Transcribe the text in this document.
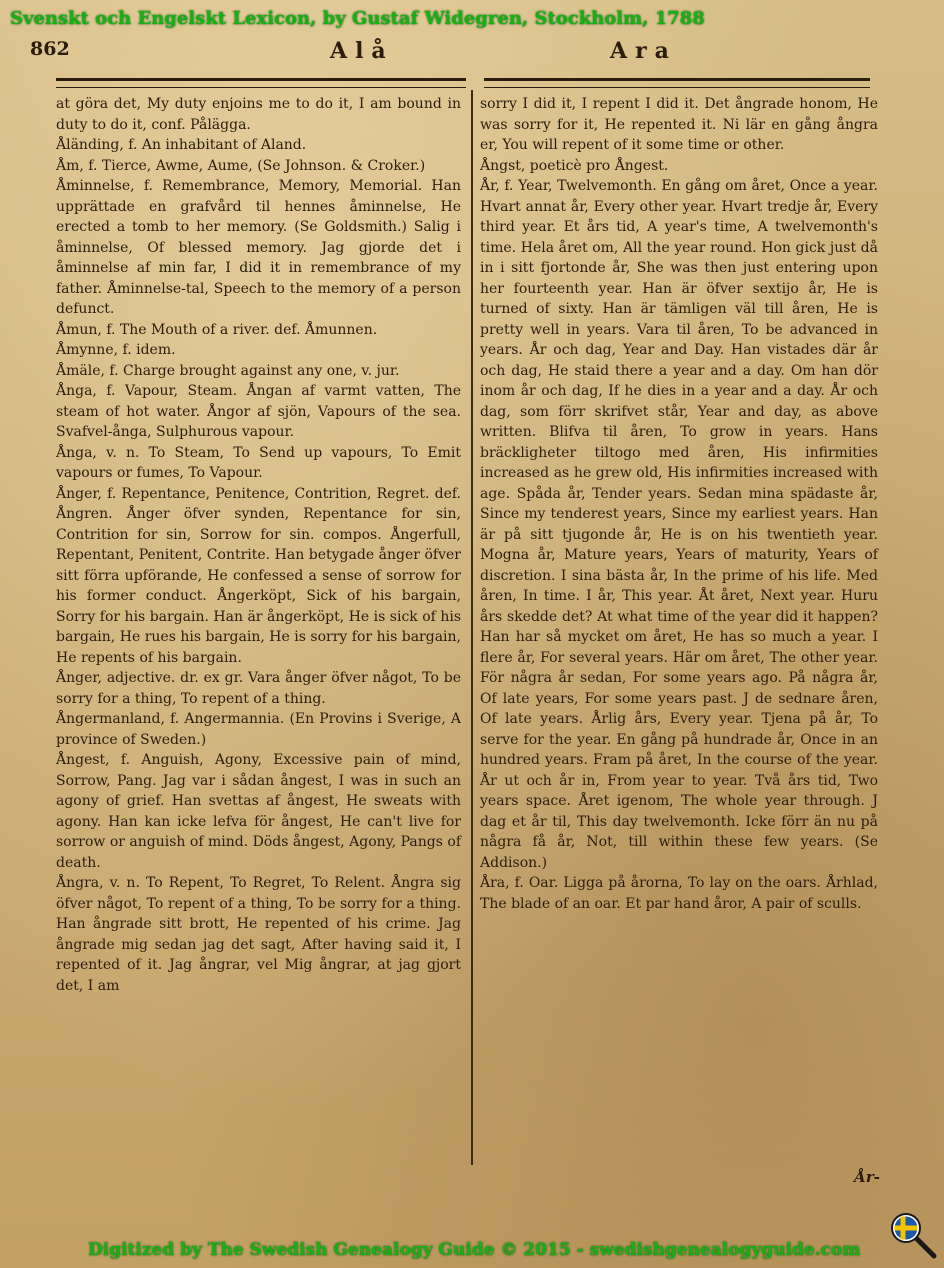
Svenskt och Engelskt Lexicon, by Gustaf Widegren, Stockholm, 1788
862	Alå	Ara

at göra det, My duty enjoins me to do it, I am bound in duty to do it, conf. Pålägga.

Åländing, f. An inhabitant of Aland.

Åm, f. Tierce, Awme, Aume, (Se Johnson. & Croker.)

Åminnelse, f. Remembrance, Memory, Memorial. Han upprättade en grafvård til hennes åminnelse, He erected a tomb to her memory. (Se Goldsmith.) Salig i åminnelse, Of blessed memory. Jag gjorde det i åminnelse af min far, I did it in remembrance of my father. Åminnelse-tal, Speech to the memory of a person defunct.

Åmun, f. The Mouth of a river. def. Åmunnen.

Åmynne, f. idem.

Åmäle, f. Charge brought against any one, v. jur.

Ånga, f. Vapour, Steam. Ångan af varmt vatten, The steam of hot water. Ångor af sjön, Vapours of the sea. Svafvel-ånga, Sulphurous vapour.

Ånga, v. n. To Steam, To Send up vapours, To Emit vapours or fumes, To Vapour.

Ånger, f. Repentance, Penitence, Contrition, Regret. def. Ångren. Ånger öfver synden, Repentance for sin, Contrition for sin, Sorrow for sin. compos. Ångerfull, Repentant, Penitent, Contrite. Han betygade ånger öfver sitt förra upförande, He confessed a sense of sorrow for his former conduct. Ångerköpt, Sick of his bargain, Sorry for his bargain. Han är ångerköpt, He is sick of his bargain, He rues his bargain, He is sorry for his bargain, He repents of his bargain.

Ånger, adjective. dr. ex gr. Vara ånger öfver något, To be sorry for a thing, To repent of a thing.

Ångermanland, f. Angermannia. (En Provins i Sverige, A province of Sweden.)

Ångest, f. Anguish, Agony, Excessive pain of mind, Sorrow, Pang. Jag var i sådan ångest, I was in such an agony of grief. Han svettas af ångest, He sweats with agony. Han kan icke lefva för ångest, He can't live for sorrow or anguish of mind. Döds ångest, Agony, Pangs of death.

Ångra, v. n. To Repent, To Regret, To Relent. Ångra sig öfver något, To repent of a thing, To be sorry for a thing. Han ångrade sitt brott, He repented of his crime. Jag ångrade mig sedan jag det sagt, After having said it, I repented of it. Jag ångrar, vel Mig ångrar, at jag gjort det, I am

sorry I did it, I repent I did it. Det ångrade honom, He was sorry for it, He repented it. Ni lär en gång ångra er, You will repent of it some time or other.

Ångst, poeticè pro Ångest.

År, f. Year, Twelvemonth. En gång om året, Once a year. Hvart annat år, Every other year. Hvart tredje år, Every third year. Et års tid, A year's time, A twelvemonth's time. Hela året om, All the year round. Hon gick just då in i sitt fjortonde år, She was then just entering upon her fourteenth year. Han är öfver sextijo år, He is turned of sixty. Han är tämligen väl till åren, He is pretty well in years. Vara til åren, To be advanced in years. År och dag, Year and Day. Han vistades där år och dag, He staid there a year and a day. Om han dör inom år och dag, If he dies in a year and a day. År och dag, som förr skrifvet står, Year and day, as above written. Blifva til åren, To grow in years. Hans bräckligheter tiltogo med åren, His infirmities increased as he grew old, His infirmities increased with age. Spåda år, Tender years. Sedan mina spädaste år, Since my tenderest years, Since my earliest years. Han är på sitt tjugonde år, He is on his twentieth year. Mogna år, Mature years, Years of maturity, Years of discretion. I sina bästa år, In the prime of his life. Med åren, In time. I år, This year. Åt året, Next year. Huru års skedde det? At what time of the year did it happen? Han har så mycket om året, He has so much a year. I flere år, For several years. Här om året, The other year. För några år sedan, For some years ago. På några år, Of late years, For some years past. J de sednare åren, Of late years. Årlig års, Every year. Tjena på år, To serve for the year. En gång på hundrade år, Once in an hundred years. Fram på året, In the course of the year. År ut och år in, From year to year. Två års tid, Two years space. Året igenom, The whole year through. J dag et år til, This day twelvemonth. Icke förr än nu på några få år, Not, till within these few years. (Se Addison.)

Åra, f. Oar. Ligga på årorna, To lay on the oars. Århlad, The blade of an oar. Et par hand åror, A pair of sculls.

År-
Digitized by The Swedish Genealogy Guide © 2015 - swedishgenealogyguide.com
